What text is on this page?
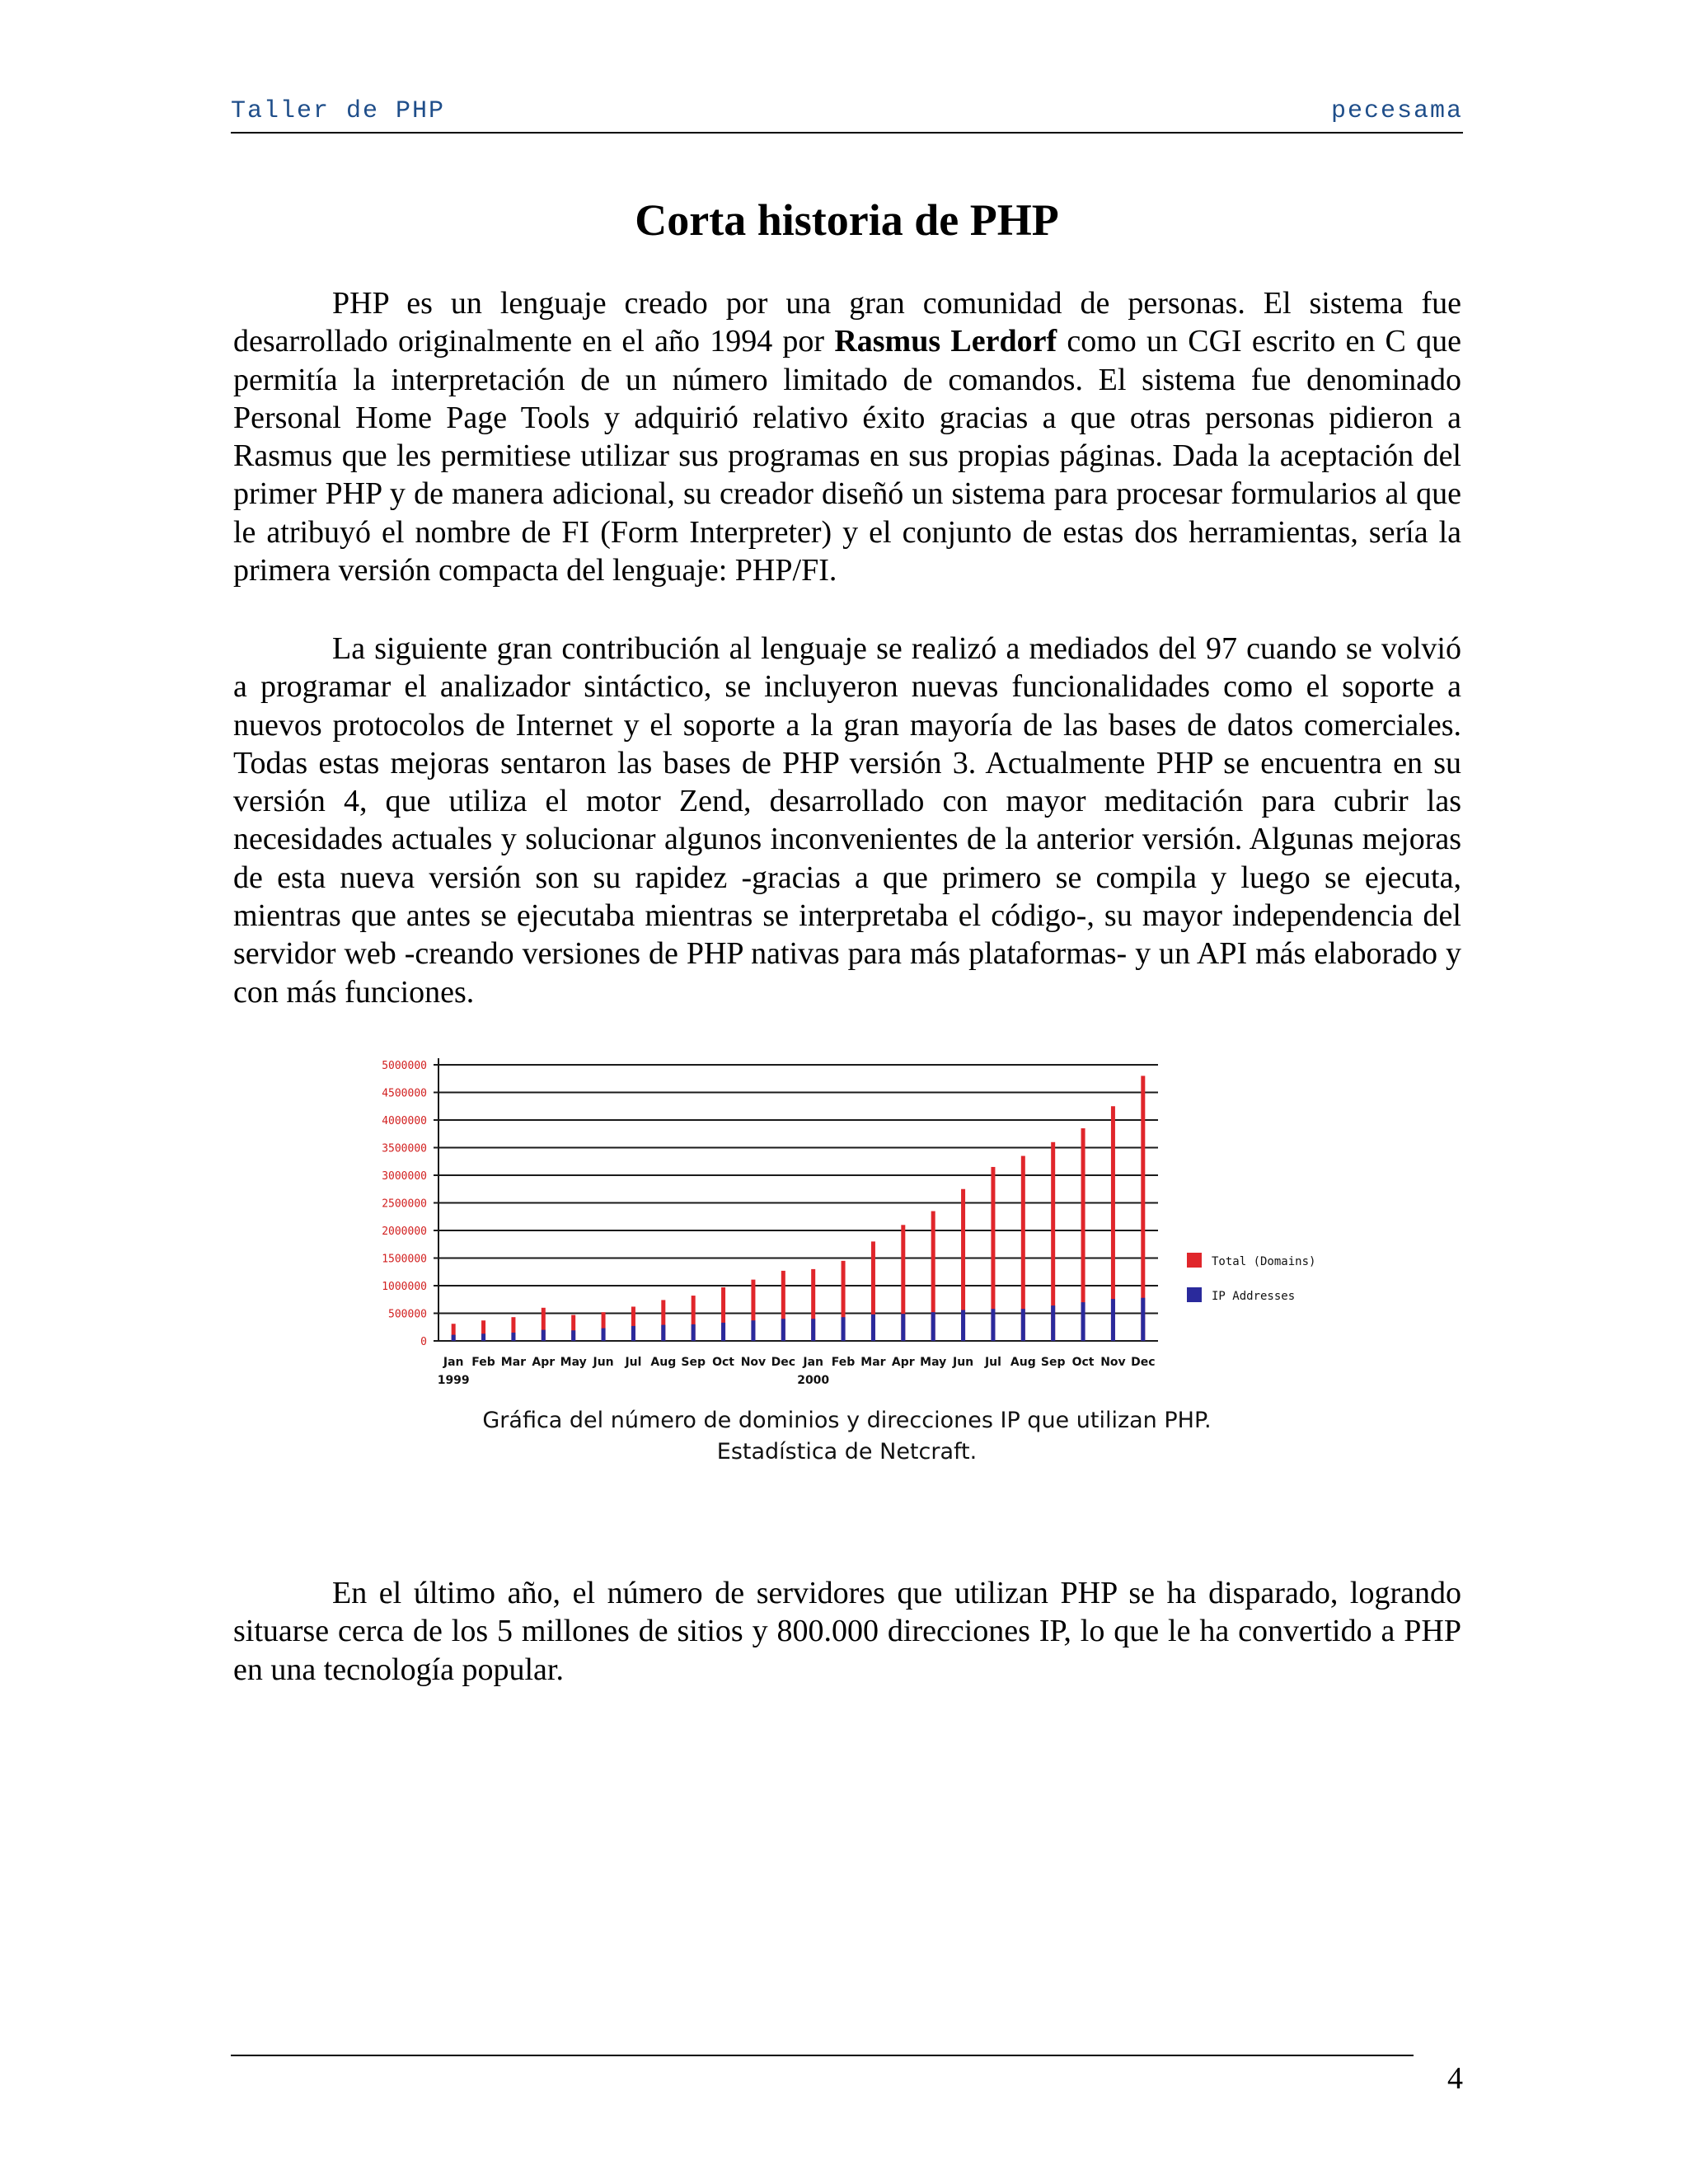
Taller de PHP	pecesama
Corta historia de PHP

PHP es un lenguaje creado por una gran comunidad de personas. El sistema fue desarrollado originalmente en el año 1994 por Rasmus Lerdorf como un CGI escrito en C que permitía la interpretación de un número limitado de comandos. El sistema fue denominado Personal Home Page Tools y adquirió relativo éxito gracias a que otras personas pidieron a Rasmus que les permitiese utilizar sus programas en sus propias páginas. Dada la aceptación del primer PHP y de manera adicional, su creador diseñó un sistema para procesar formularios al que le atribuyó el nombre de FI (Form Interpreter) y el conjunto de estas dos herramientas, sería la primera versión compacta del lenguaje: PHP/FI.

La siguiente gran contribución al lenguaje se realizó a mediados del 97 cuando se volvió a programar el analizador sintáctico, se incluyeron nuevas funcionalidades como el soporte a nuevos protocolos de Internet y el soporte a la gran mayoría de las bases de datos comerciales. Todas estas mejoras sentaron las bases de PHP versión 3. Actualmente PHP se encuentra en su versión 4, que utiliza el motor Zend, desarrollado con mayor meditación para cubrir las necesidades actuales y solucionar algunos inconvenientes de la anterior versión. Algunas mejoras de esta nueva versión son su rapidez -gracias a que primero se compila y luego se ejecuta, mientras que antes se ejecutaba mientras se interpretaba el código-, su mayor independencia del servidor web -creando versiones de PHP nativas para más plataformas- y un API más elaborado y con más funciones.

0
500000
1000000
1500000
2000000
2500000
3000000
3500000
4000000
4500000
5000000
Jan Feb Mar Apr May Jun Jul Aug Sep Oct Nov Dec Jan Feb Mar Apr May Jun Jul Aug Sep Oct Nov Dec
1999	2000
Total (Domains)
IP Addresses
Gráfica del número de dominios y direcciones IP que utilizan PHP.
Estadística de Netcraft.

En el último año, el número de servidores que utilizan PHP se ha disparado, logrando situarse cerca de los 5 millones de sitios y 800.000 direcciones IP, lo que le ha convertido a PHP en una tecnología popular.

4
